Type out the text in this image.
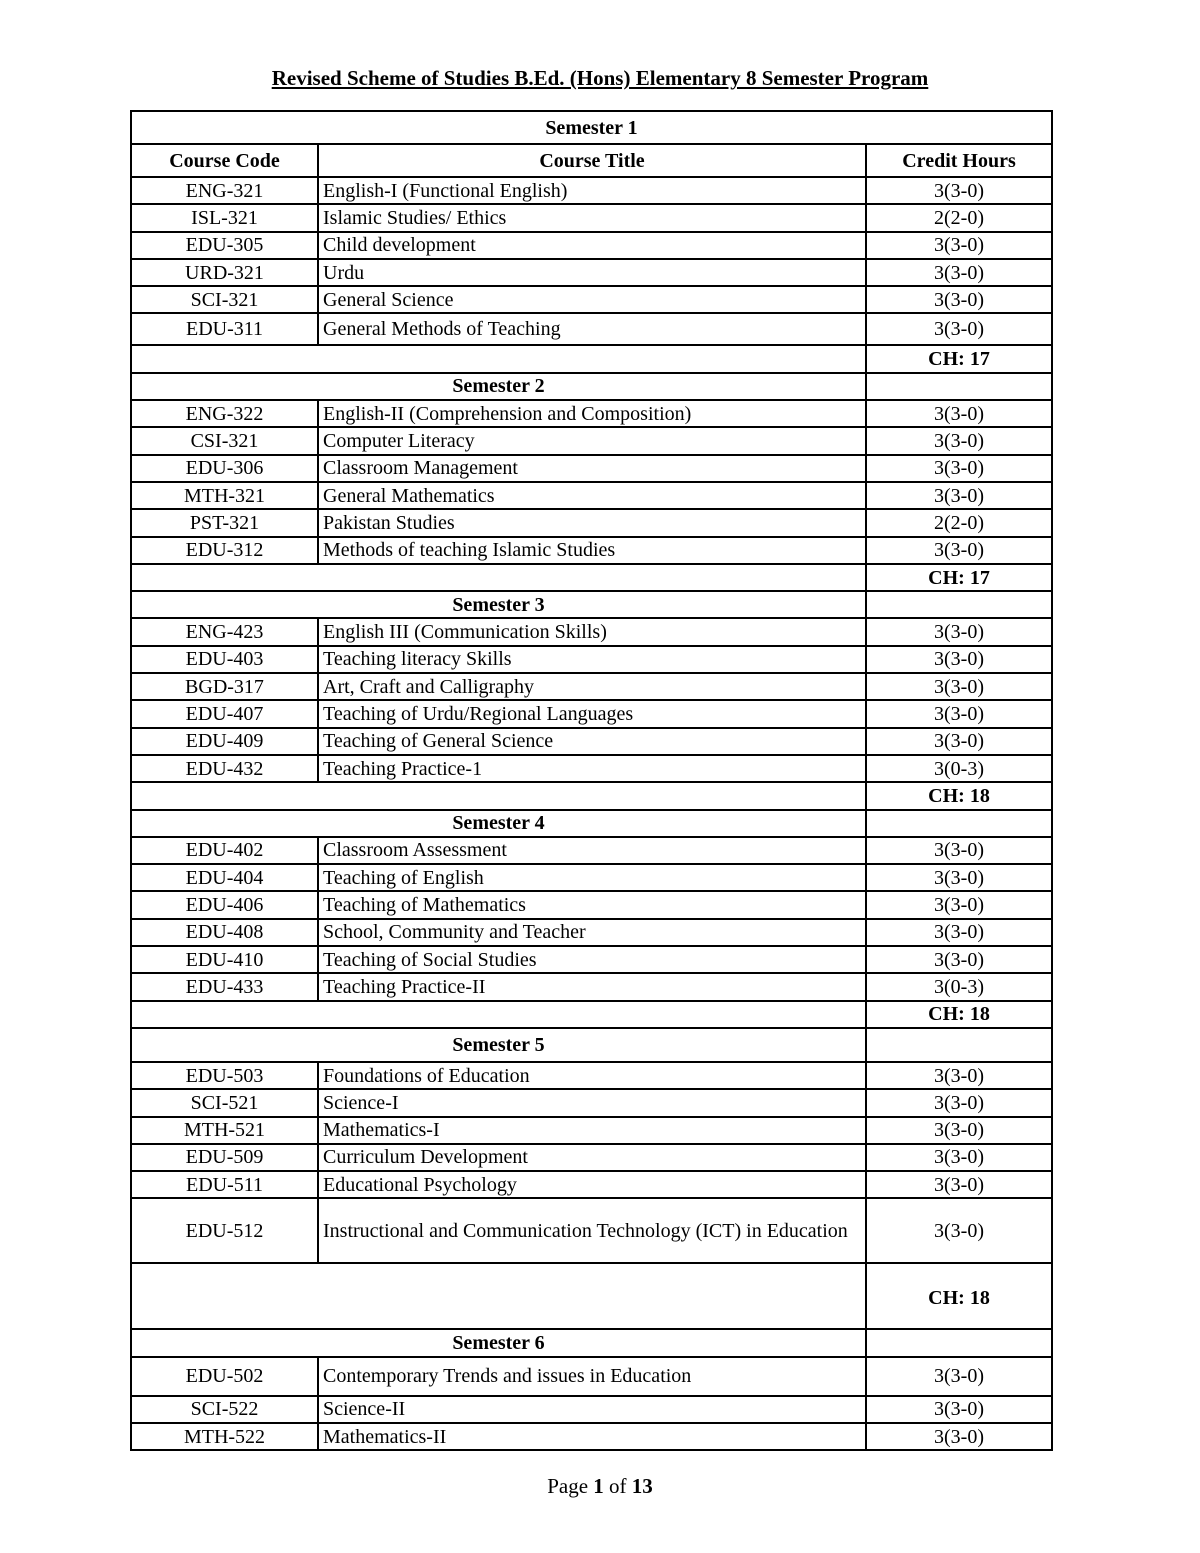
Revised Scheme of Studies B.Ed. (Hons) Elementary 8 Semester Program
Semester 1		
Course Code	Course Title	Credit Hours
ENG-321	English-I (Functional English)	3(3-0)
ISL-321	Islamic Studies/ Ethics	2(2-0)
EDU-305	Child development	3(3-0)
URD-321	Urdu	3(3-0)
SCI-321	General Science	3(3-0)
EDU-311	General Methods of Teaching	3(3-0)
		CH: 17
Semester 2		
ENG-322	English-II (Comprehension and Composition)	3(3-0)
CSI-321	Computer Literacy	3(3-0)
EDU-306	Classroom Management	3(3-0)
MTH-321	General Mathematics	3(3-0)
PST-321	Pakistan Studies	2(2-0)
EDU-312	Methods of teaching Islamic Studies	3(3-0)
		CH: 17
Semester 3		
ENG-423	English III (Communication Skills)	3(3-0)
EDU-403	Teaching literacy Skills	3(3-0)
BGD-317	Art, Craft and Calligraphy	3(3-0)
EDU-407	Teaching of Urdu/Regional Languages	3(3-0)
EDU-409	Teaching of General Science	3(3-0)
EDU-432	Teaching Practice-1	3(0-3)
		CH: 18
Semester 4		
EDU-402	Classroom Assessment	3(3-0)
EDU-404	Teaching of English	3(3-0)
EDU-406	Teaching of Mathematics	3(3-0)
EDU-408	School, Community and Teacher	3(3-0)
EDU-410	Teaching of Social Studies	3(3-0)
EDU-433	Teaching Practice-II	3(0-3)
		CH: 18
Semester 5		
EDU-503	Foundations of Education	3(3-0)
SCI-521	Science-I	3(3-0)
MTH-521	Mathematics-I	3(3-0)
EDU-509	Curriculum Development	3(3-0)
EDU-511	Educational Psychology	3(3-0)
EDU-512	Instructional and Communication Technology (ICT) in Education	3(3-0)
		CH: 18
Semester 6		
EDU-502	Contemporary Trends and issues in Education	3(3-0)
SCI-522	Science-II	3(3-0)
MTH-522	Mathematics-II	3(3-0)
Page 1 of 13
